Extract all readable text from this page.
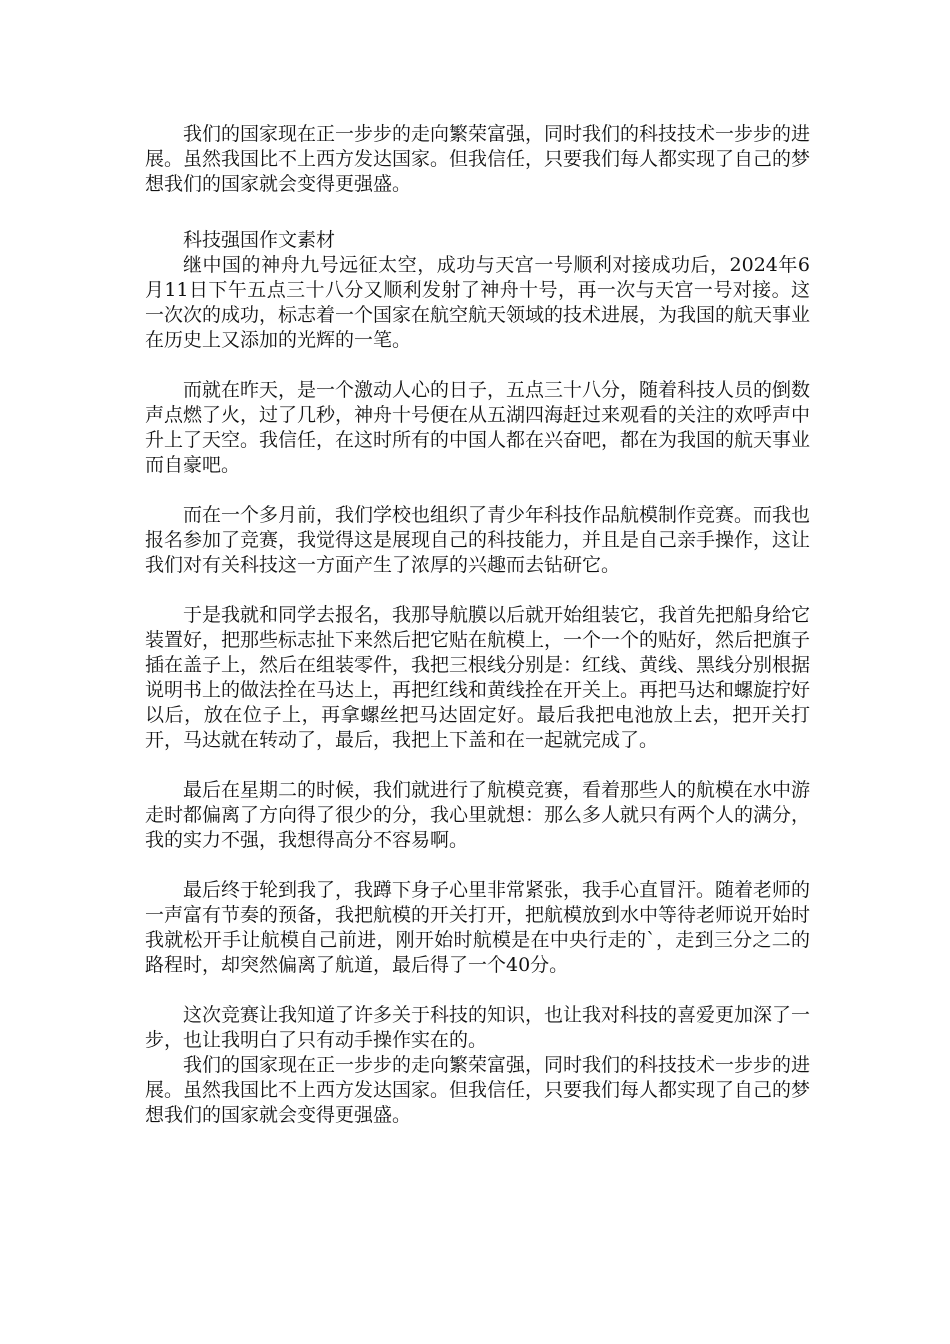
我们的国家现在正一步步的走向繁荣富强，同时我们的科技技术一步步的进展。虽然我国比不上西方发达国家。但我信任，只要我们每人都实现了自己的梦想我们的国家就会变得更强盛。

科技强国作文素材

继中国的神舟九号远征太空，成功与天宫一号顺利对接成功后，2024年6月11日下午五点三十八分又顺利发射了神舟十号，再一次与天宫一号对接。这一次次的成功，标志着一个国家在航空航天领域的技术进展，为我国的航天事业在历史上又添加的光辉的一笔。

而就在昨天，是一个激动人心的日子，五点三十八分，随着科技人员的倒数声点燃了火，过了几秒，神舟十号便在从五湖四海赶过来观看的关注的欢呼声中升上了天空。我信任，在这时所有的中国人都在兴奋吧，都在为我国的航天事业而自豪吧。

而在一个多月前，我们学校也组织了青少年科技作品航模制作竞赛。而我也报名参加了竞赛，我觉得这是展现自己的科技能力，并且是自己亲手操作，这让我们对有关科技这一方面产生了浓厚的兴趣而去钻研它。

于是我就和同学去报名，我那导航膜以后就开始组装它，我首先把船身给它装置好，把那些标志扯下来然后把它贴在航模上，一个一个的贴好，然后把旗子插在盖子上，然后在组装零件，我把三根线分别是：红线、黄线、黑线分别根据说明书上的做法拴在马达上，再把红线和黄线拴在开关上。再把马达和螺旋拧好以后，放在位子上，再拿螺丝把马达固定好。最后我把电池放上去，把开关打开，马达就在转动了，最后，我把上下盖和在一起就完成了。

最后在星期二的时候，我们就进行了航模竞赛，看着那些人的航模在水中游走时都偏离了方向得了很少的分，我心里就想：那么多人就只有两个人的满分，我的实力不强，我想得高分不容易啊。

最后终于轮到我了，我蹲下身子心里非常紧张，我手心直冒汗。随着老师的一声富有节奏的预备，我把航模的开关打开，把航模放到水中等待老师说开始时我就松开手让航模自己前进，刚开始时航模是在中央行走的`，走到三分之二的路程时，却突然偏离了航道，最后得了一个40分。

这次竞赛让我知道了许多关于科技的知识，也让我对科技的喜爱更加深了一步，也让我明白了只有动手操作实在的。

我们的国家现在正一步步的走向繁荣富强，同时我们的科技技术一步步的进展。虽然我国比不上西方发达国家。但我信任，只要我们每人都实现了自己的梦想我们的国家就会变得更强盛。
